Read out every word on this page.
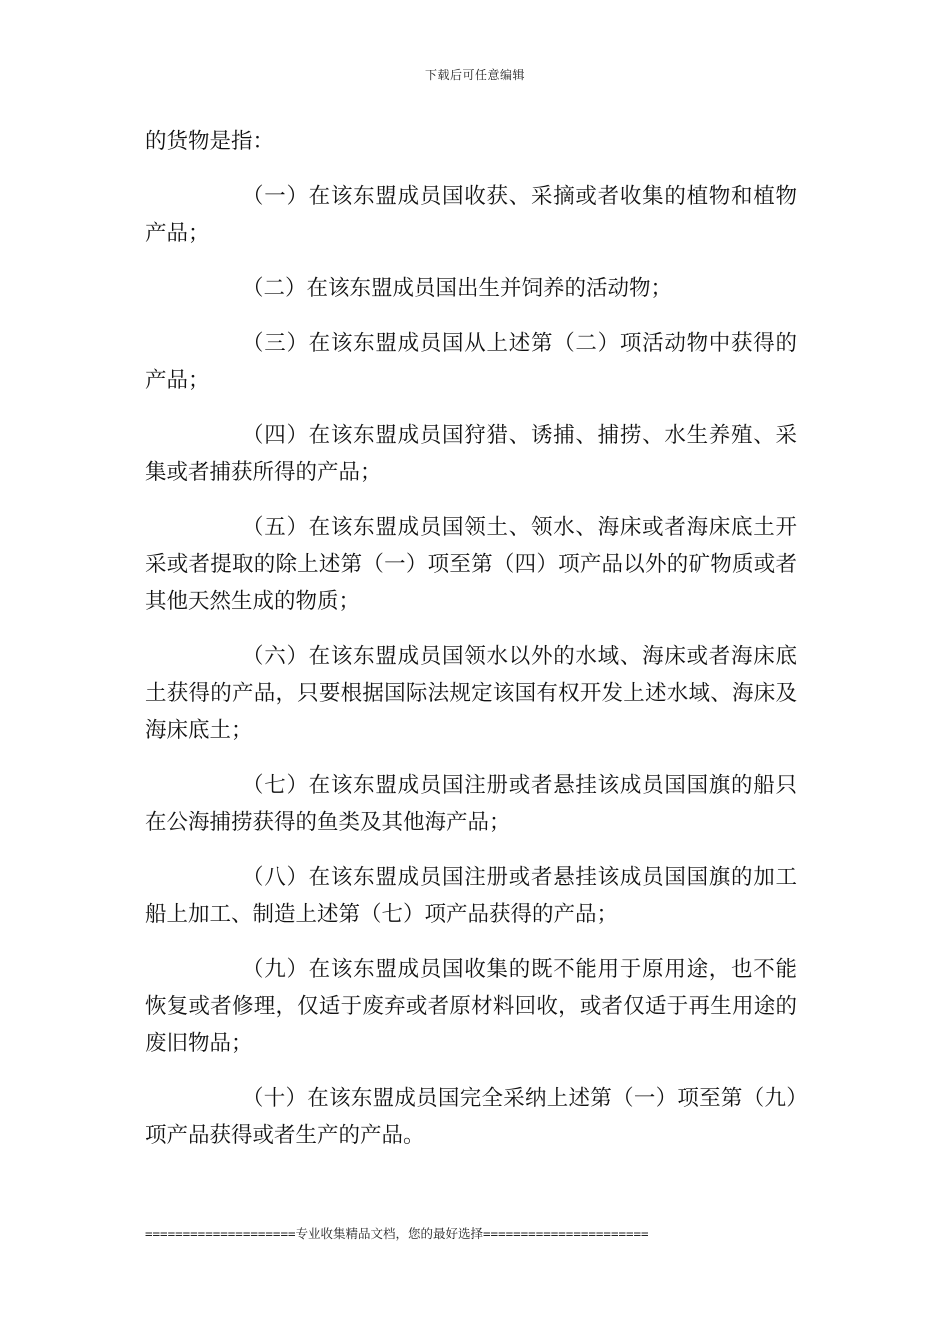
下载后可任意编辑

的货物是指：

（一）在该东盟成员国收获、采摘或者收集的植物和植物产品；

（二）在该东盟成员国出生并饲养的活动物；

（三）在该东盟成员国从上述第（二）项活动物中获得的产品；

（四）在该东盟成员国狩猎、诱捕、捕捞、水生养殖、采集或者捕获所得的产品；

（五）在该东盟成员国领土、领水、海床或者海床底土开采或者提取的除上述第（一）项至第（四）项产品以外的矿物质或者其他天然生成的物质；

（六）在该东盟成员国领水以外的水域、海床或者海床底土获得的产品，只要根据国际法规定该国有权开发上述水域、海床及海床底土；

（七）在该东盟成员国注册或者悬挂该成员国国旗的船只在公海捕捞获得的鱼类及其他海产品；

（八）在该东盟成员国注册或者悬挂该成员国国旗的加工船上加工、制造上述第（七）项产品获得的产品；

（九）在该东盟成员国收集的既不能用于原用途，也不能恢复或者修理，仅适于废弃或者原材料回收，或者仅适于再生用途的废旧物品；

（十）在该东盟成员国完全采纳上述第（一）项至第（九）项产品获得或者生产的产品。

====================专业收集精品文档，您的最好选择======================
